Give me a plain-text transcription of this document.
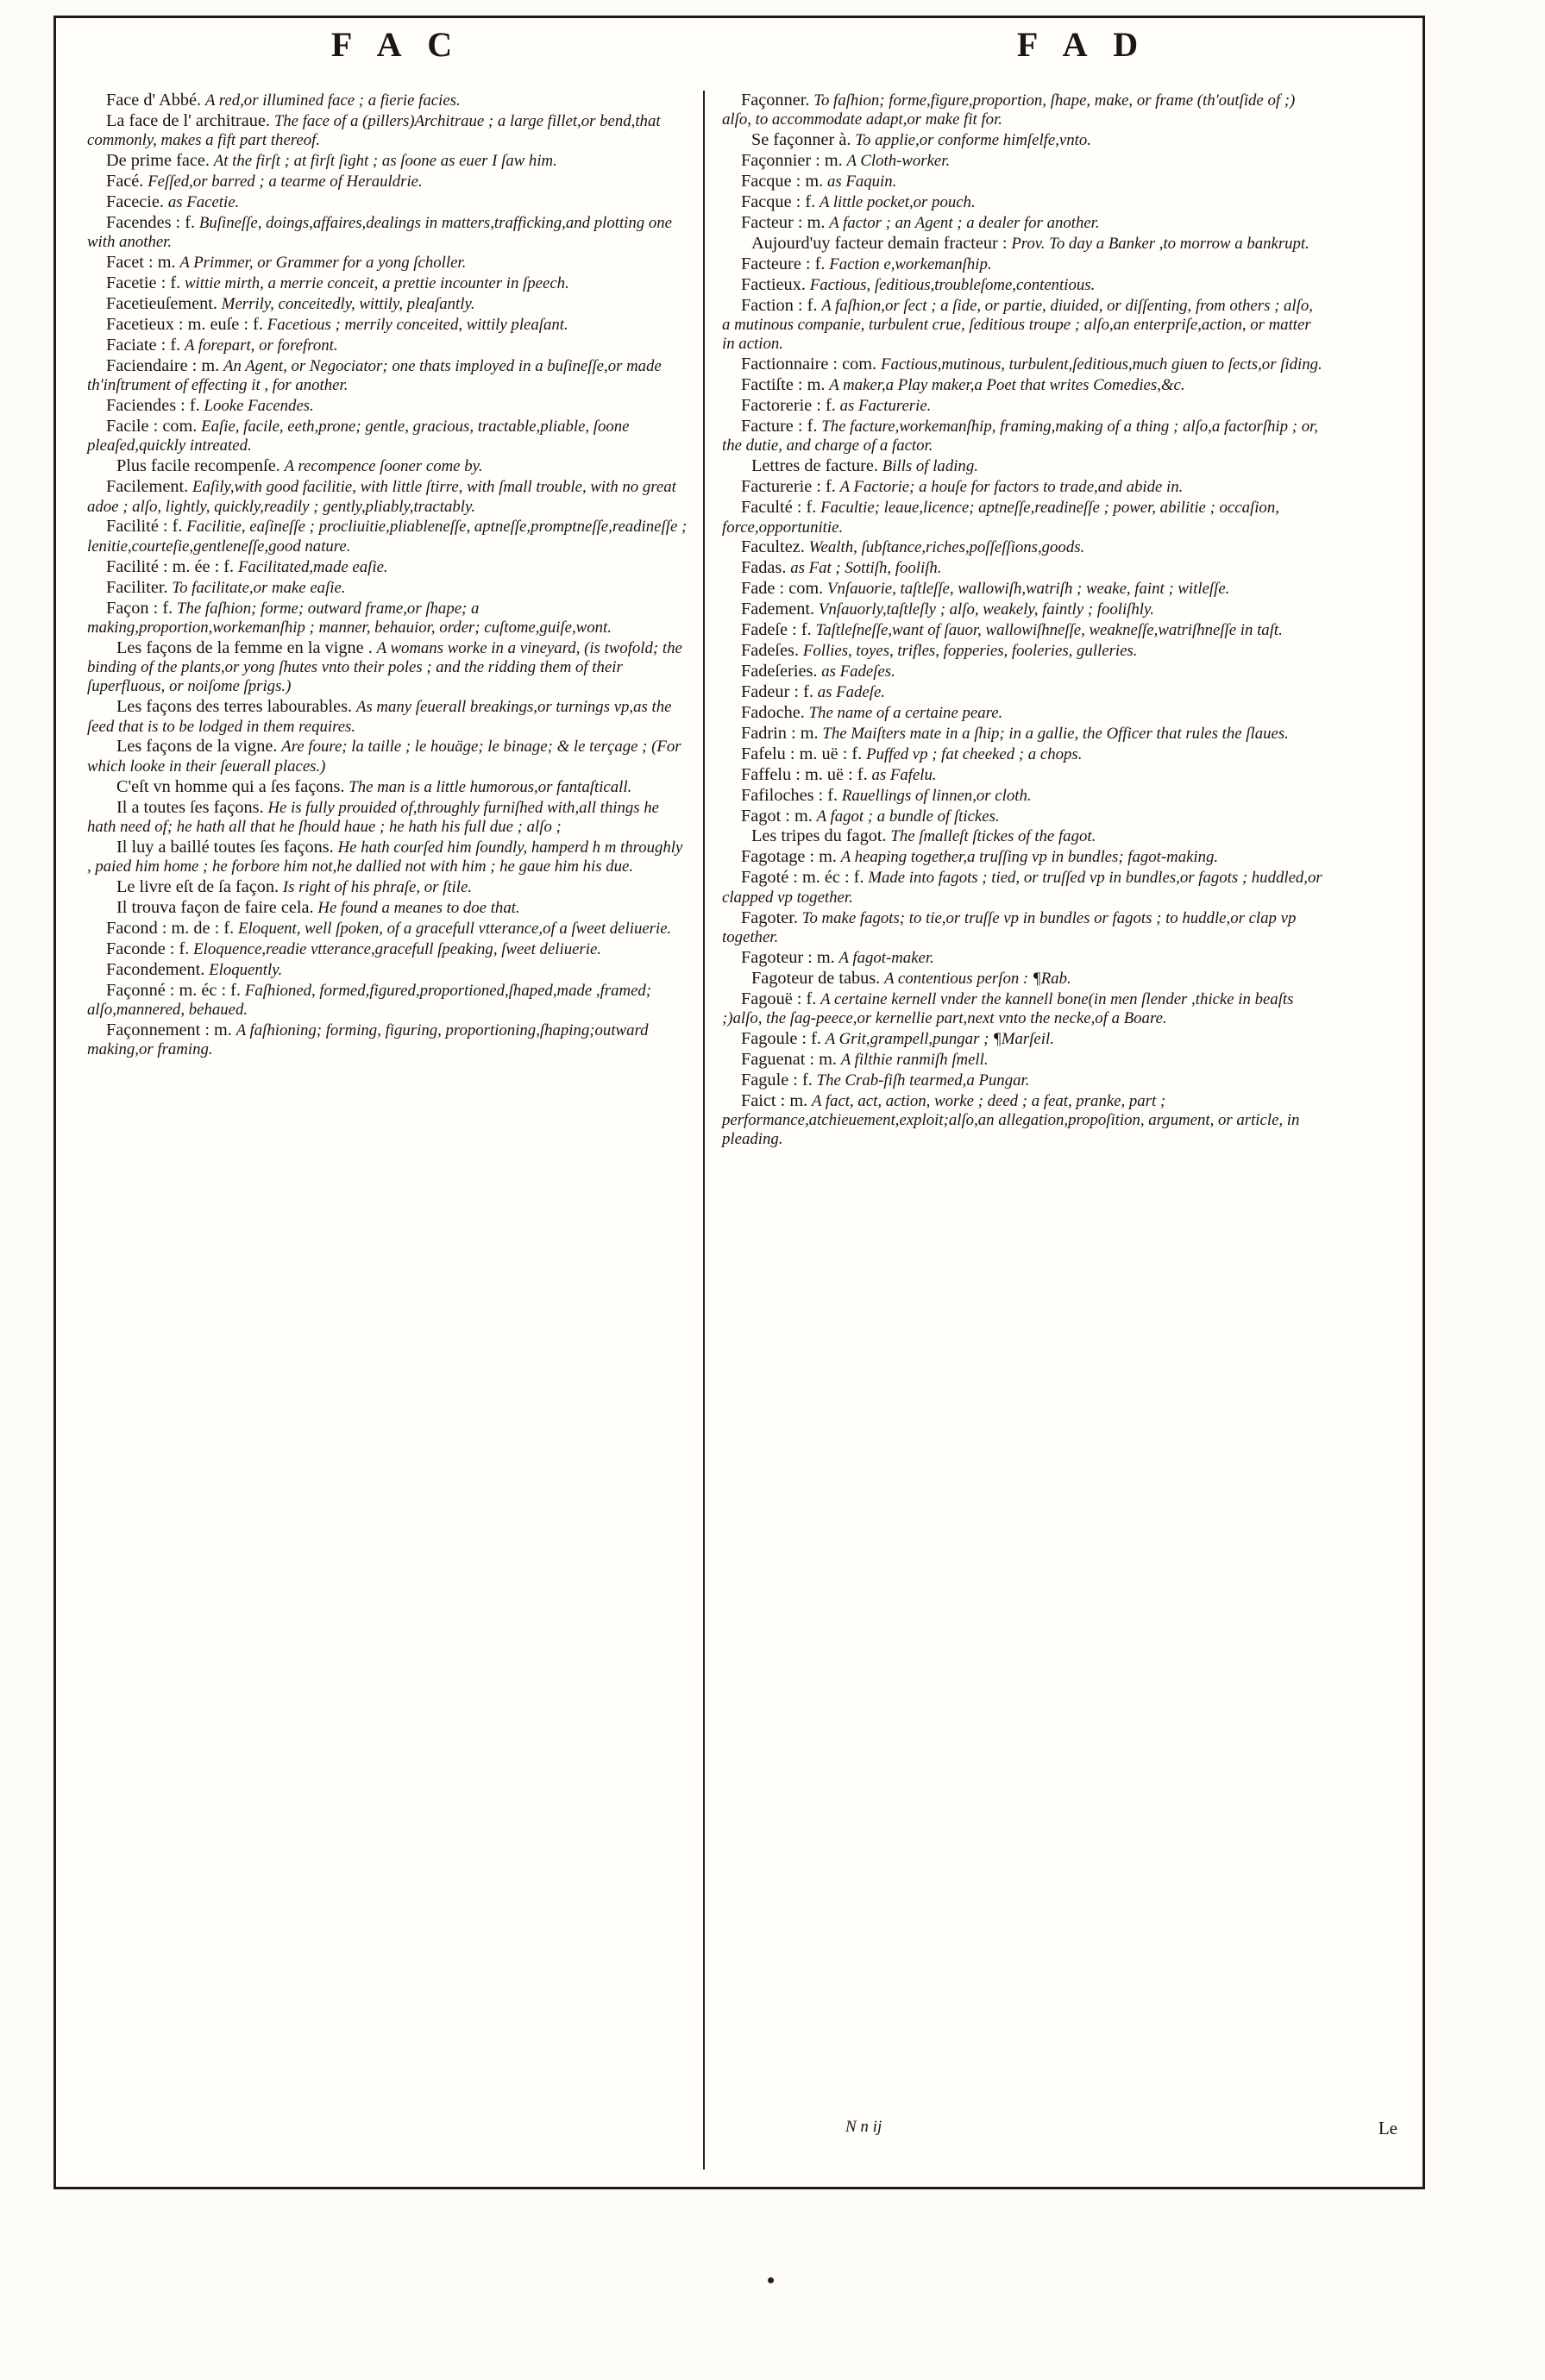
F A C	F A D

Face d' Abbé. A red,or illumined face ; a fierie facies.

La face de l' architraue. The face of a (pillers)Architraue ; a large fillet,or bend,that commonly, makes a fift part thereof.

De prime face. At the firſt ; at firſt ſight ; as ſoone as euer I ſaw him.

Facé. Feſſed,or barred ; a tearme of Herauldrie.

Facecie. as Facetie.

Facendes : f. Buſineſſe, doings,affaires,dealings in matters,trafficking,and plotting one with another.

Facet : m. A Primmer, or Grammer for a yong ſcholler.

Facetie : f. wittie mirth, a merrie conceit, a prettie incounter in ſpeech.

Facetieuſement. Merrily, conceitedly, wittily, pleaſantly.

Facetieux : m. euſe : f. Facetious ; merrily conceited, wittily pleaſant.

Faciate : f. A forepart, or forefront.

Faciendaire : m. An Agent, or Negociator; one thats imployed in a buſineſſe,or made th'inſtrument of effecting it , for another.

Faciendes : f. Looke Facendes.

Facile : com. Eaſie, facile, eeth,prone; gentle, gracious, tractable,pliable, ſoone pleaſed,quickly intreated.

Plus facile recompenſe. A recompence ſooner come by.

Facilement. Eaſily,with good facilitie, with little ſtirre, with ſmall trouble, with no great adoe ; alſo, lightly, quickly,readily ; gently,pliably,tractably.

Facilité : f. Facilitie, eaſineſſe ; procliuitie,pliableneſſe, aptneſſe,promptneſſe,readineſſe ; lenitie,courteſie,gentleneſſe,good nature.

Facilité : m. ée : f. Facilitated,made eaſie.

Faciliter. To facilitate,or make eaſie.

Façon : f. The faſhion; forme; outward frame,or ſhape; a making,proportion,workemanſhip ; manner, behauior, order; cuſtome,guiſe,wont.

Les façons de la femme en la vigne . A womans worke in a vineyard, (is twofold; the binding of the plants,or yong ſhutes vnto their poles ; and the ridding them of their ſuperfluous, or noiſome ſprigs.)

Les façons des terres labourables. As many ſeuerall breakings,or turnings vp,as the ſeed that is to be lodged in them requires.

Les façons de la vigne. Are foure; la taille ; le houäge; le binage; & le terçage ; (For which looke in their ſeuerall places.)

C'eſt vn homme qui a ſes façons. The man is a little humorous,or fantaſticall.

Il a toutes ſes façons. He is fully prouided of,throughly furniſhed with,all things he hath need of; he hath all that he ſhould haue ; he hath his full due ; alſo ;

Il luy a baillé toutes ſes façons. He hath courſed him ſoundly, hamperd h m throughly , paied him home ; he forbore him not,he dallied not with him ; he gaue him his due.

Le livre eſt de ſa façon. Is right of his phraſe, or ſtile.

Il trouva façon de faire cela. He found a meanes to doe that.

Facond : m. de : f. Eloquent, well ſpoken, of a gracefull vtterance,of a ſweet deliuerie.

Faconde : f. Eloquence,readie vtterance,gracefull ſpeaking, ſweet deliuerie.

Facondement. Eloquently.

Façonné : m. éc : f. Faſhioned, formed,figured,proportioned,ſhaped,made ,framed; alſo,mannered, behaued.

Façonnement : m. A faſhioning; forming, figuring, proportioning,ſhaping;outward making,or framing.

Façonner. To faſhion; forme,figure,proportion, ſhape, make, or frame (th'outſide of ;) alſo, to accommodate adapt,or make fit for.

Se façonner à. To applie,or conforme himſelfe,vnto.

Façonnier : m. A Cloth-worker.

Facque : m. as Faquin.

Facque : f. A little pocket,or pouch.

Facteur : m. A factor ; an Agent ; a dealer for another.

Aujourd'uy facteur demain fracteur : Prov. To day a Banker ,to morrow a bankrupt.

Facteure : f. Faction e,workemanſhip.

Factieux. Factious, ſeditious,troubleſome,contentious.

Faction : f. A faſhion,or ſect ; a ſide, or partie, diuided, or diſſenting, from others ; alſo, a mutinous companie, turbulent crue, ſeditious troupe ; alſo,an enterpriſe,action, or matter in action.

Factionnaire : com. Factious,mutinous, turbulent,ſeditious,much giuen to ſects,or ſiding.

Factiſte : m. A maker,a Play maker,a Poet that writes Comedies,&c.

Factorerie : f. as Facturerie.

Facture : f. The facture,workemanſhip, framing,making of a thing ; alſo,a factorſhip ; or, the dutie, and charge of a factor.

Lettres de facture. Bills of lading.

Facturerie : f. A Factorie; a houſe for factors to trade,and abide in.

Faculté : f. Facultie; leaue,licence; aptneſſe,readineſſe ; power, abilitie ; occaſion, force,opportunitie.

Facultez. Wealth, ſubſtance,riches,poſſeſſions,goods.

Fadas. as Fat ; Sottiſh, fooliſh.

Fade : com. Vnſauorie, taſtleſſe, wallowiſh,watriſh ; weake, faint ; witleſſe.

Fadement. Vnſauorly,taſtleſly ; alſo, weakely, faintly ; fooliſhly.

Fadeſe : f. Taſtleſneſſe,want of ſauor, wallowiſhneſſe, weakneſſe,watriſhneſſe in taſt.

Fadeſes. Follies, toyes, trifles, fopperies, fooleries, gulleries.

Fadeſeries. as Fadeſes.

Fadeur : f. as Fadeſe.

Fadoche. The name of a certaine peare.

Fadrin : m. The Maiſters mate in a ſhip; in a gallie, the Officer that rules the ſlaues.

Fafelu : m. uë : f. Puffed vp ; fat cheeked ; a chops.

Faffelu : m. uë : f. as Fafelu.

Fafiloches : f. Rauellings of linnen,or cloth.

Fagot : m. A fagot ; a bundle of ſtickes.

Les tripes du fagot. The ſmalleſt ſtickes of the fagot.

Fagotage : m. A heaping together,a truſſing vp in bundles; fagot-making.

Fagoté : m. éc : f. Made into fagots ; tied, or truſſed vp in bundles,or fagots ; huddled,or clapped vp together.

Fagoter. To make fagots; to tie,or truſſe vp in bundles or fagots ; to huddle,or clap vp together.

Fagoteur : m. A fagot-maker.

Fagoteur de tabus. A contentious perſon : ¶Rab.

Fagouë : f. A certaine kernell vnder the kannell bone(in men ſlender ,thicke in beaſts ;)alſo, the ſag-peece,or kernellie part,next vnto the necke,of a Boare.

Fagoule : f. A Grit,grampell,pungar ; ¶Marſeil.

Faguenat : m. A filthie ranmiſh ſmell.

Fagule : f. The Crab-fiſh tearmed,a Pungar.

Faict : m. A fact, act, action, worke ; deed ; a feat, pranke, part ; performance,atchieuement,exploit;alſo,an allegation,propoſition, argument, or article, in pleading.

N n ij	Le
